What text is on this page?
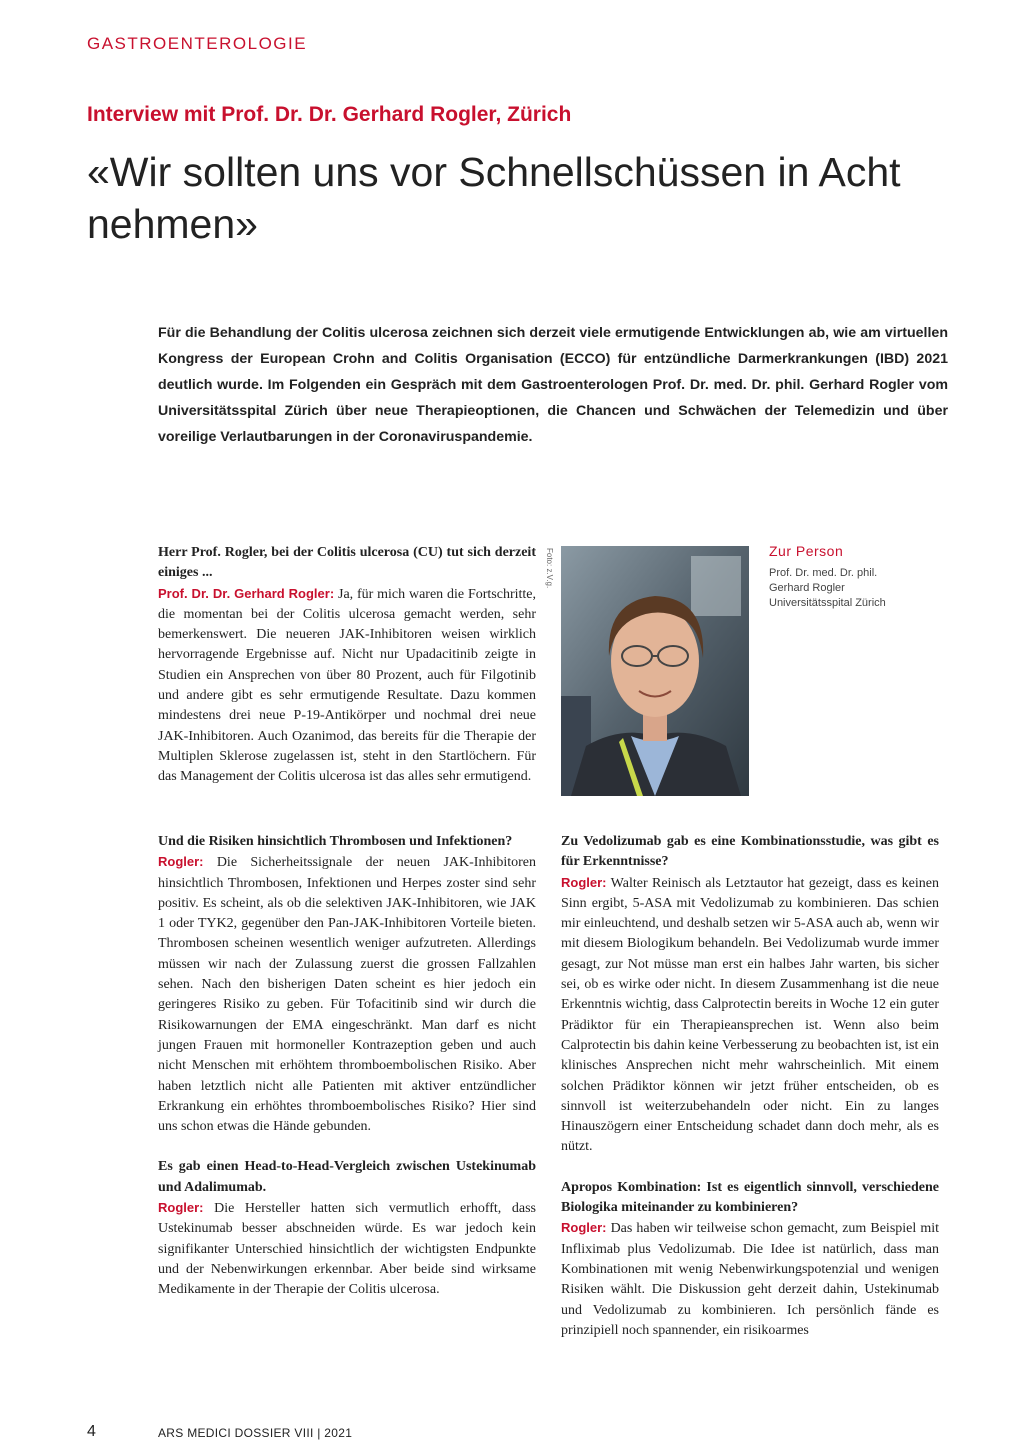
GASTROENTEROLOGIE
Interview mit Prof. Dr. Dr. Gerhard Rogler, Zürich
«Wir sollten uns vor Schnellschüssen in Acht nehmen»
Für die Behandlung der Colitis ulcerosa zeichnen sich derzeit viele ermutigende Entwicklungen ab, wie am virtuellen Kongress der European Crohn and Colitis Organisation (ECCO) für entzündliche Darmerkrankungen (IBD) 2021 deutlich wurde. Im Folgenden ein Gespräch mit dem Gastroenterologen Prof. Dr. med. Dr. phil. Gerhard Rogler vom Universitätsspital Zürich über neue Therapieoptionen, die Chancen und Schwächen der Telemedizin und über voreilige Verlautbarungen in der Coronaviruspandemie.

Herr Prof. Rogler, bei der Colitis ulcerosa (CU) tut sich derzeit einiges ...
Prof. Dr. Dr. Gerhard Rogler: Ja, für mich waren die Fortschritte, die momentan bei der Colitis ulcerosa gemacht werden, sehr bemerkenswert. Die neueren JAK-Inhibitoren weisen wirklich hervorragende Ergebnisse auf. Nicht nur Upadacitinib zeigte in Studien ein Ansprechen von über 80 Prozent, auch für Filgotinib und andere gibt es sehr ermutigende Resultate. Dazu kommen mindestens drei neue P-19-Antikörper und nochmal drei neue JAK-Inhibitoren. Auch Ozanimod, das bereits für die Therapie der Multiplen Sklerose zugelassen ist, steht in den Startlöchern. Für das Management der Colitis ulcerosa ist das alles sehr ermutigend.

Foto: z.V.g.	Zur Person
Prof. Dr. med. Dr. phil.
Gerhard Rogler
Universitätsspital Zürich

Und die Risiken hinsichtlich Thrombosen und Infektionen?
Rogler: Die Sicherheitssignale der neuen JAK-Inhibitoren hinsichtlich Thrombosen, Infektionen und Herpes zoster sind sehr positiv. Es scheint, als ob die selektiven JAK-Inhibitoren, wie JAK 1 oder TYK2, gegenüber den Pan-JAK-Inhibitoren Vorteile bieten. Thrombosen scheinen wesentlich weniger aufzutreten. Allerdings müssen wir nach der Zulassung zuerst die grossen Fallzahlen sehen. Nach den bisherigen Daten scheint es hier jedoch ein geringeres Risiko zu geben. Für Tofacitinib sind wir durch die Risikowarnungen der EMA eingeschränkt. Man darf es nicht jungen Frauen mit hormoneller Kontrazeption geben und auch nicht Menschen mit erhöhtem thromboembolischen Risiko. Aber haben letztlich nicht alle Patienten mit aktiver entzündlicher Erkrankung ein erhöhtes thromboembolisches Risiko? Hier sind uns schon etwas die Hände gebunden.

Es gab einen Head-to-Head-Vergleich zwischen Ustekinumab und Adalimumab.
Rogler: Die Hersteller hatten sich vermutlich erhofft, dass Ustekinumab besser abschneiden würde. Es war jedoch kein signifikanter Unterschied hinsichtlich der wichtigsten Endpunkte und der Nebenwirkungen erkennbar. Aber beide sind wirksame Medikamente in der Therapie der Colitis ulcerosa.

Zu Vedolizumab gab es eine Kombinationsstudie, was gibt es für Erkenntnisse?
Rogler: Walter Reinisch als Letztautor hat gezeigt, dass es keinen Sinn ergibt, 5-ASA mit Vedolizumab zu kombinieren. Das schien mir einleuchtend, und deshalb setzen wir 5-ASA auch ab, wenn wir mit diesem Biologikum behandeln. Bei Vedolizumab wurde immer gesagt, zur Not müsse man erst ein halbes Jahr warten, bis sicher sei, ob es wirke oder nicht. In diesem Zusammenhang ist die neue Erkenntnis wichtig, dass Calprotectin bereits in Woche 12 ein guter Prädiktor für ein Therapieansprechen ist. Wenn also beim Calprotectin bis dahin keine Verbesserung zu beobachten ist, ist ein klinisches Ansprechen nicht mehr wahrscheinlich. Mit einem solchen Prädiktor können wir jetzt früher entscheiden, ob es sinnvoll ist weiterzubehandeln oder nicht. Ein zu langes Hinauszögern einer Entscheidung schadet dann doch mehr, als es nützt.

Apropos Kombination: Ist es eigentlich sinnvoll, verschiedene Biologika miteinander zu kombinieren?
Rogler: Das haben wir teilweise schon gemacht, zum Beispiel mit Infliximab plus Vedolizumab. Die Idee ist natürlich, dass man Kombinationen mit wenig Nebenwirkungspotenzial und wenigen Risiken wählt. Die Diskussion geht derzeit dahin, Ustekinumab und Vedolizumab zu kombinieren. Ich persönlich fände es prinzipiell noch spannender, ein risikoarmes

4	ARS MEDICI DOSSIER VIII | 2021
